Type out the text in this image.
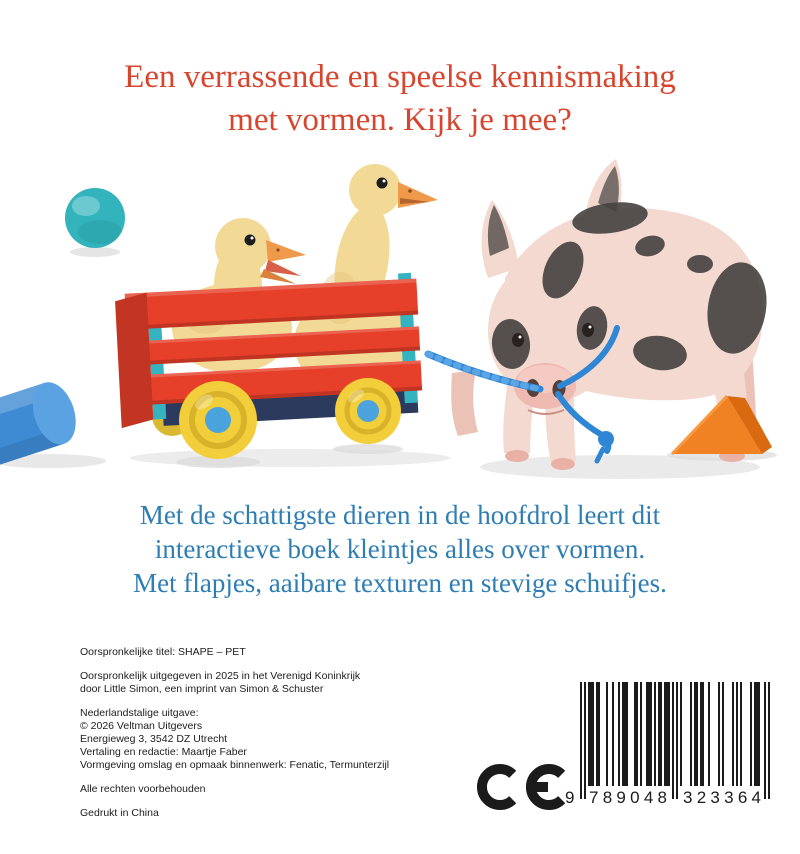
Een verrassende en speelse kennismaking
met vormen. Kijk je mee?
Met de schattigste dieren in de hoofdrol leert dit
interactieve boek kleintjes alles over vormen.
Met flapjes, aaibare texturen en stevige schuifjes.

Oorspronkelijke titel: SHAPE – PET

Oorspronkelijk uitgegeven in 2025 in het Verenigd Koninkrijk
door Little Simon, een imprint van Simon & Schuster

Nederlandstalige uitgave:
© 2026 Veltman Uitgevers
Energieweg 3, 3542 DZ Utrecht
Vertaling en redactie: Maartje Faber
Vormgeving omslag en opmaak binnenwerk: Fenatic, Termunterzijl

Alle rechten voorbehouden

Gedrukt in China

9 789048 323364
